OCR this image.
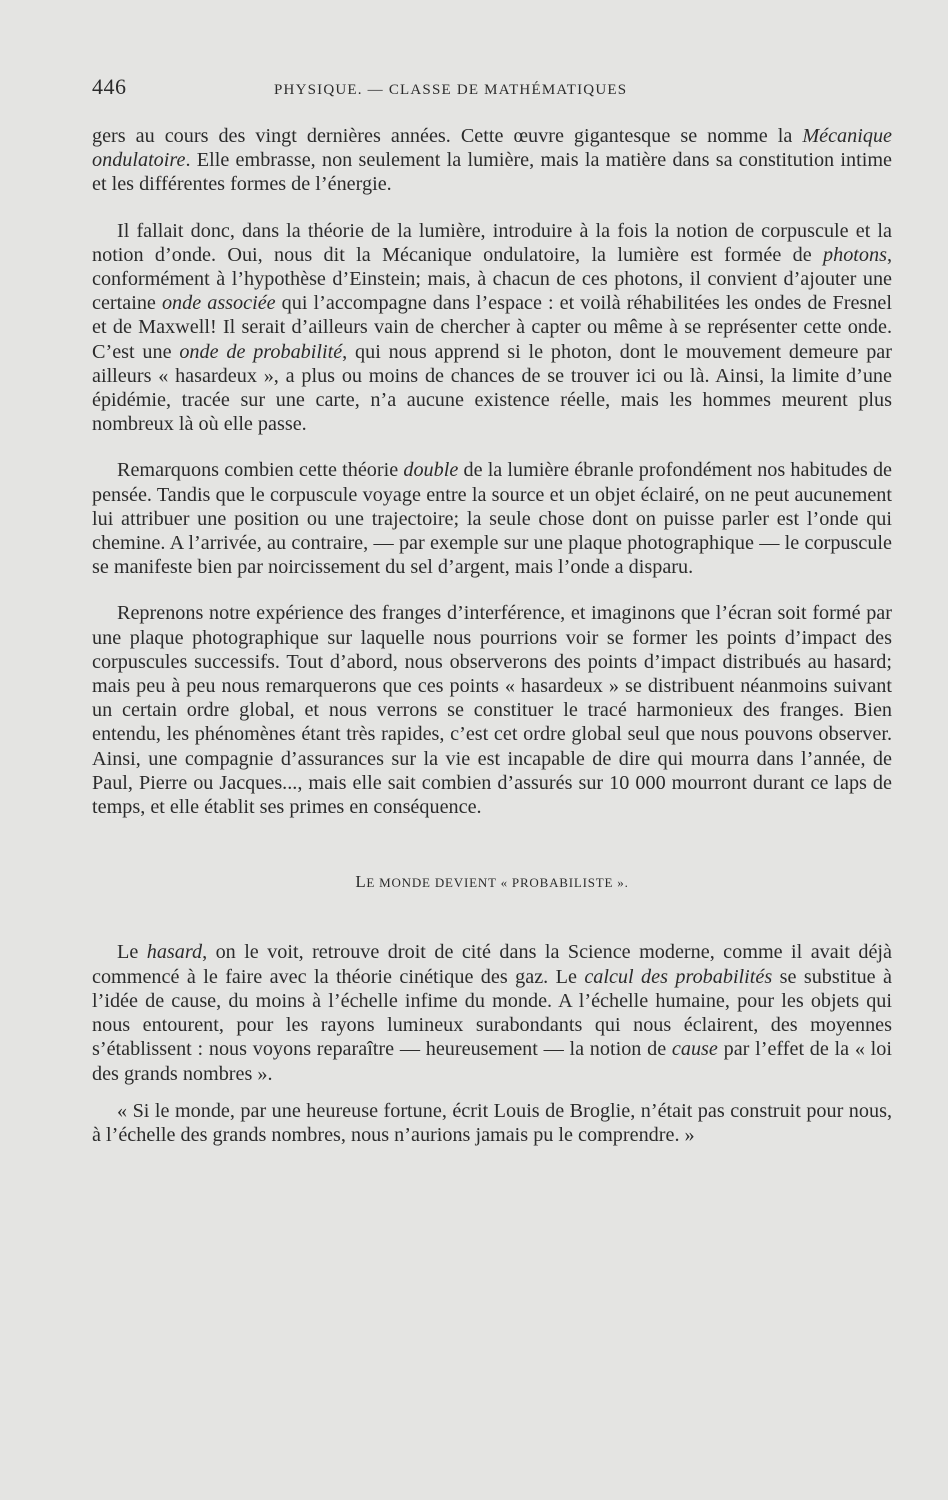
446	PHYSIQUE. — CLASSE DE MATHÉMATIQUES

gers au cours des vingt dernières années. Cette œuvre gigantesque se nomme la Mécanique ondulatoire. Elle embrasse, non seulement la lumière, mais la matière dans sa constitution intime et les différentes formes de l’énergie.

Il fallait donc, dans la théorie de la lumière, introduire à la fois la notion de corpuscule et la notion d’onde. Oui, nous dit la Mécanique ondulatoire, la lumière est formée de photons, conformément à l’hypothèse d’Einstein; mais, à chacun de ces photons, il convient d’ajouter une certaine onde associée qui l’accompagne dans l’espace : et voilà réhabilitées les ondes de Fresnel et de Maxwell! Il serait d’ailleurs vain de chercher à capter ou même à se représenter cette onde. C’est une onde de probabilité, qui nous apprend si le photon, dont le mouvement demeure par ailleurs « hasardeux », a plus ou moins de chances de se trouver ici ou là. Ainsi, la limite d’une épidémie, tracée sur une carte, n’a aucune existence réelle, mais les hommes meurent plus nombreux là où elle passe.

Remarquons combien cette théorie double de la lumière ébranle profondément nos habitudes de pensée. Tandis que le corpuscule voyage entre la source et un objet éclairé, on ne peut aucunement lui attribuer une position ou une trajectoire; la seule chose dont on puisse parler est l’onde qui chemine. A l’arrivée, au contraire, — par exemple sur une plaque photographique — le corpuscule se manifeste bien par noircissement du sel d’argent, mais l’onde a disparu.

Reprenons notre expérience des franges d’interférence, et imaginons que l’écran soit formé par une plaque photographique sur laquelle nous pourrions voir se former les points d’impact des corpuscules successifs. Tout d’abord, nous observerons des points d’impact distribués au hasard; mais peu à peu nous remarquerons que ces points « hasardeux » se distribuent néanmoins suivant un certain ordre global, et nous verrons se constituer le tracé harmonieux des franges. Bien entendu, les phénomènes étant très rapides, c’est cet ordre global seul que nous pouvons observer. Ainsi, une compagnie d’assurances sur la vie est incapable de dire qui mourra dans l’année, de Paul, Pierre ou Jacques..., mais elle sait combien d’assurés sur 10 000 mourront durant ce laps de temps, et elle établit ses primes en conséquence.

LE MONDE DEVIENT « PROBABILISTE ».

Le hasard, on le voit, retrouve droit de cité dans la Science moderne, comme il avait déjà commencé à le faire avec la théorie cinétique des gaz. Le calcul des probabilités se substitue à l’idée de cause, du moins à l’échelle infime du monde. A l’échelle humaine, pour les objets qui nous entourent, pour les rayons lumineux surabondants qui nous éclairent, des moyennes s’établissent : nous voyons reparaître — heureusement — la notion de cause par l’effet de la « loi des grands nombres ».

« Si le monde, par une heureuse fortune, écrit Louis de Broglie, n’était pas construit pour nous, à l’échelle des grands nombres, nous n’aurions jamais pu le comprendre. »
